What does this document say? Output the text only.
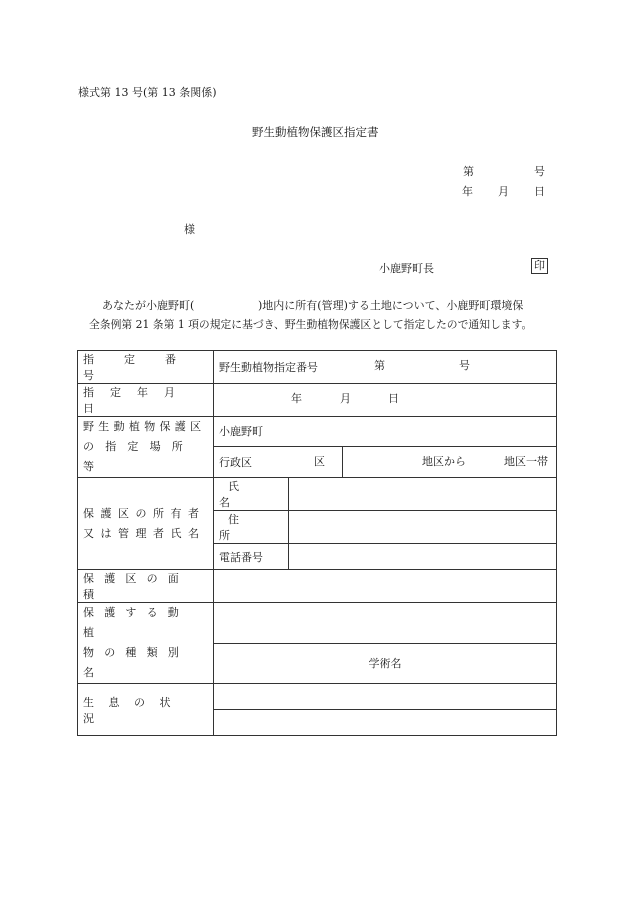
様式第 13 号(第 13 条関係)
野生動植物保護区指定書
第	号
年 月 日
様
小鹿野町長	印
あなたが小鹿野町(	)地内に所有(管理)する土地について、小鹿野町環境保
全条例第 21 条第 1 項の規定に基づき、野生動植物保護区として指定したので通知します。
指定番号	野生動植物指定番号 第 号		

指定年月日	年 月 日		

野生動植物保護区
の指定場所等	小鹿野町		
	行政区 区		地区から 地区一帯

保護区の所有者
又は管理者氏名	氏名		
	住所		
	電話番号		
保護区の面積			

保護する動植
物の種類別名			

	学術名		
生息の状況			
